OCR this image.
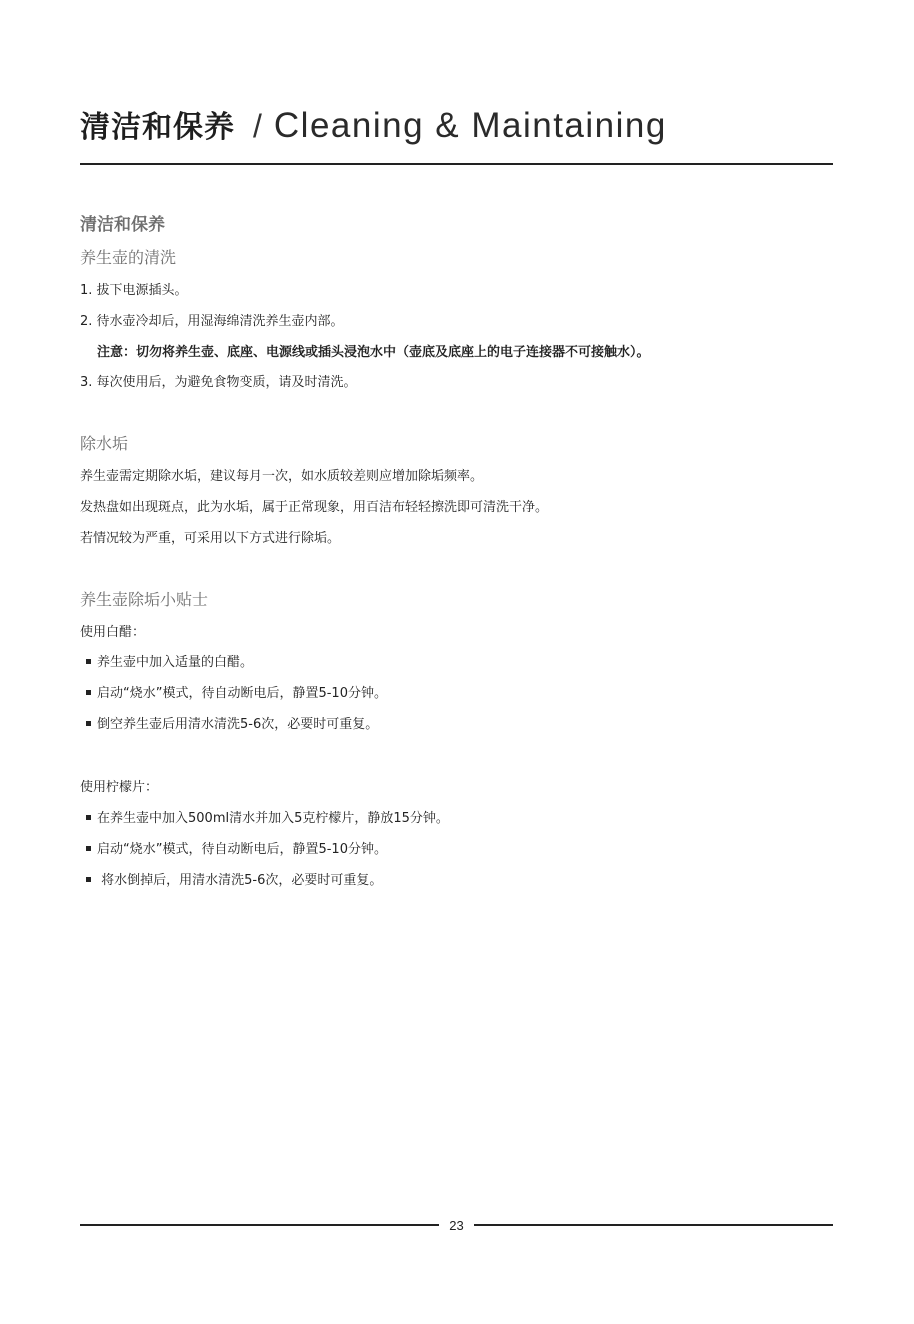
清洁和保养 / Cleaning & Maintaining
清洁和保养
养生壶的清洗
1. 拔下电源插头。
2. 待水壶冷却后，用湿海绵清洗养生壶内部。
注意：切勿将养生壶、底座、电源线或插头浸泡水中（壶底及底座上的电子连接器不可接触水）。
3. 每次使用后，为避免食物变质，请及时清洗。
除水垢
养生壶需定期除水垢，建议每月一次，如水质较差则应增加除垢频率。
发热盘如出现斑点，此为水垢，属于正常现象，用百洁布轻轻擦洗即可清洗干净。
若情况较为严重，可采用以下方式进行除垢。
养生壶除垢小贴士
使用白醋：
养生壶中加入适量的白醋。
启动“烧水”模式，待自动断电后，静置5-10分钟。
倒空养生壶后用清水清洗5-6次，必要时可重复。
使用柠檬片：
在养生壶中加入500ml清水并加入5克柠檬片，静放15分钟。
启动“烧水”模式，待自动断电后，静置5-10分钟。
将水倒掉后，用清水清洗5-6次，必要时可重复。
23
